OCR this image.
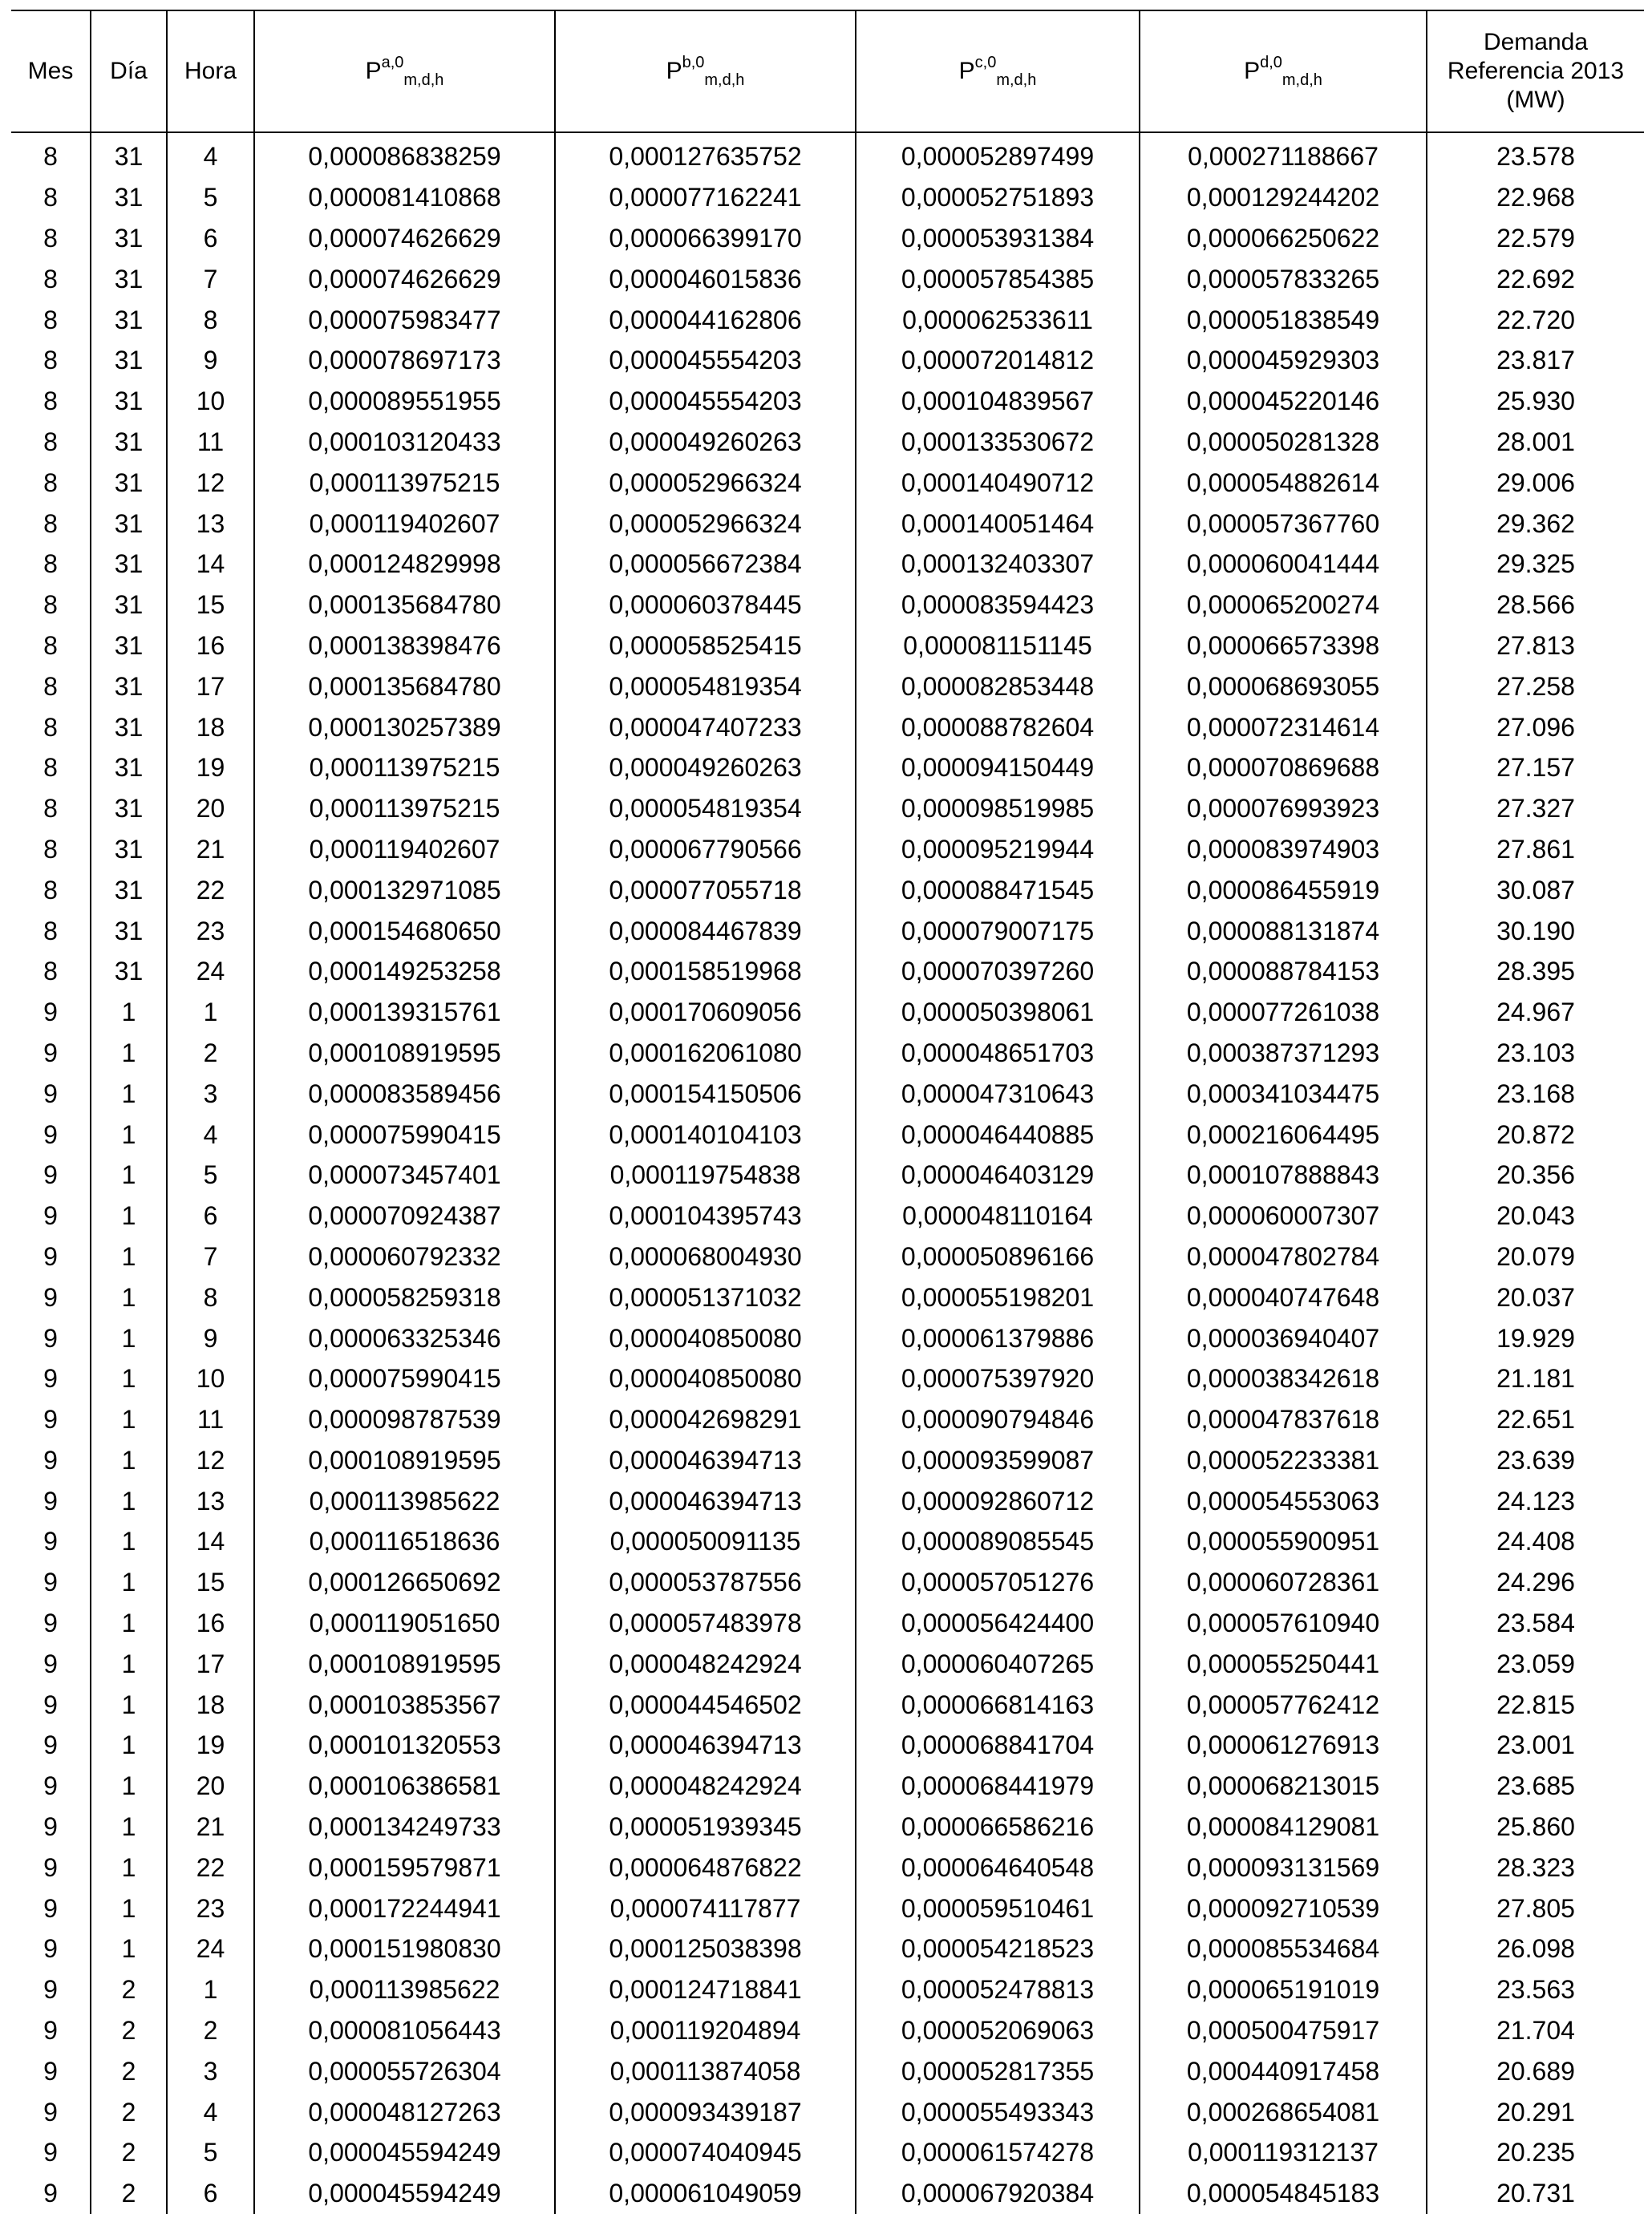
Mes	Día	Hora	P$^{a,0}_{m,d,h}$	P$^{b,0}_{m,d,h}$	P$^{c,0}_{m,d,h}$	P$^{d,0}_{m,d,h}$	Demanda
Referencia 2013
(MW)
8	31	4	0,000086838259	0,000127635752	0,000052897499	0,000271188667	23.578
8	31	5	0,000081410868	0,000077162241	0,000052751893	0,000129244202	22.968
8	31	6	0,000074626629	0,000066399170	0,000053931384	0,000066250622	22.579
8	31	7	0,000074626629	0,000046015836	0,000057854385	0,000057833265	22.692
8	31	8	0,000075983477	0,000044162806	0,000062533611	0,000051838549	22.720
8	31	9	0,000078697173	0,000045554203	0,000072014812	0,000045929303	23.817
8	31	10	0,000089551955	0,000045554203	0,000104839567	0,000045220146	25.930
8	31	11	0,000103120433	0,000049260263	0,000133530672	0,000050281328	28.001
8	31	12	0,000113975215	0,000052966324	0,000140490712	0,000054882614	29.006
8	31	13	0,000119402607	0,000052966324	0,000140051464	0,000057367760	29.362
8	31	14	0,000124829998	0,000056672384	0,000132403307	0,000060041444	29.325
8	31	15	0,000135684780	0,000060378445	0,000083594423	0,000065200274	28.566
8	31	16	0,000138398476	0,000058525415	0,000081151145	0,000066573398	27.813
8	31	17	0,000135684780	0,000054819354	0,000082853448	0,000068693055	27.258
8	31	18	0,000130257389	0,000047407233	0,000088782604	0,000072314614	27.096
8	31	19	0,000113975215	0,000049260263	0,000094150449	0,000070869688	27.157
8	31	20	0,000113975215	0,000054819354	0,000098519985	0,000076993923	27.327
8	31	21	0,000119402607	0,000067790566	0,000095219944	0,000083974903	27.861
8	31	22	0,000132971085	0,000077055718	0,000088471545	0,000086455919	30.087
8	31	23	0,000154680650	0,000084467839	0,000079007175	0,000088131874	30.190
8	31	24	0,000149253258	0,000158519968	0,000070397260	0,000088784153	28.395
9	1	1	0,000139315761	0,000170609056	0,000050398061	0,000077261038	24.967
9	1	2	0,000108919595	0,000162061080	0,000048651703	0,000387371293	23.103
9	1	3	0,000083589456	0,000154150506	0,000047310643	0,000341034475	23.168
9	1	4	0,000075990415	0,000140104103	0,000046440885	0,000216064495	20.872
9	1	5	0,000073457401	0,000119754838	0,000046403129	0,000107888843	20.356
9	1	6	0,000070924387	0,000104395743	0,000048110164	0,000060007307	20.043
9	1	7	0,000060792332	0,000068004930	0,000050896166	0,000047802784	20.079
9	1	8	0,000058259318	0,000051371032	0,000055198201	0,000040747648	20.037
9	1	9	0,000063325346	0,000040850080	0,000061379886	0,000036940407	19.929
9	1	10	0,000075990415	0,000040850080	0,000075397920	0,000038342618	21.181
9	1	11	0,000098787539	0,000042698291	0,000090794846	0,000047837618	22.651
9	1	12	0,000108919595	0,000046394713	0,000093599087	0,000052233381	23.639
9	1	13	0,000113985622	0,000046394713	0,000092860712	0,000054553063	24.123
9	1	14	0,000116518636	0,000050091135	0,000089085545	0,000055900951	24.408
9	1	15	0,000126650692	0,000053787556	0,000057051276	0,000060728361	24.296
9	1	16	0,000119051650	0,000057483978	0,000056424400	0,000057610940	23.584
9	1	17	0,000108919595	0,000048242924	0,000060407265	0,000055250441	23.059
9	1	18	0,000103853567	0,000044546502	0,000066814163	0,000057762412	22.815
9	1	19	0,000101320553	0,000046394713	0,000068841704	0,000061276913	23.001
9	1	20	0,000106386581	0,000048242924	0,000068441979	0,000068213015	23.685
9	1	21	0,000134249733	0,000051939345	0,000066586216	0,000084129081	25.860
9	1	22	0,000159579871	0,000064876822	0,000064640548	0,000093131569	28.323
9	1	23	0,000172244941	0,000074117877	0,000059510461	0,000092710539	27.805
9	1	24	0,000151980830	0,000125038398	0,000054218523	0,000085534684	26.098
9	2	1	0,000113985622	0,000124718841	0,000052478813	0,000065191019	23.563
9	2	2	0,000081056443	0,000119204894	0,000052069063	0,000500475917	21.704
9	2	3	0,000055726304	0,000113874058	0,000052817355	0,000440917458	20.689
9	2	4	0,000048127263	0,000093439187	0,000055493343	0,000268654081	20.291
9	2	5	0,000045594249	0,000074040945	0,000061574278	0,000119312137	20.235
9	2	6	0,000045594249	0,000061049059	0,000067920384	0,000054845183	20.731
